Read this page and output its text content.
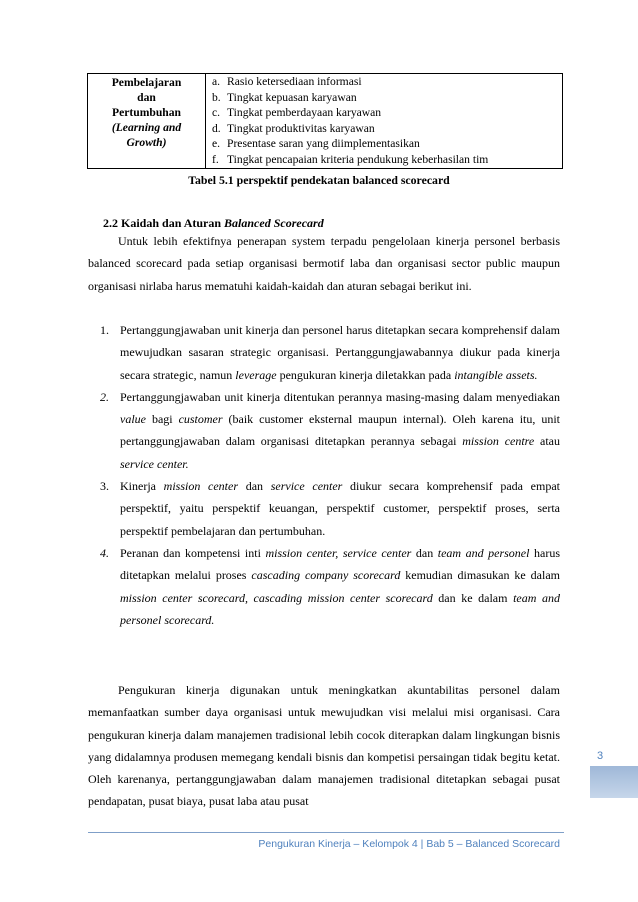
Pembelajaran
dan
Pertumbuhan
(Learning and
Growth)

a. Rasio ketersediaan informasi
b. Tingkat kepuasan karyawan
c. Tingkat pemberdayaan karyawan
d. Tingkat produktivitas karyawan
e. Presentase saran yang diimplementasikan
f. Tingkat pencapaian kriteria pendukung keberhasilan tim
Tabel 5.1 perspektif pendekatan balanced scorecard
2.2 Kaidah dan Aturan Balanced Scorecard

Untuk lebih efektifnya penerapan system terpadu pengelolaan kinerja personel berbasis balanced scorecard pada setiap organisasi bermotif laba dan organisasi sector public maupun organisasi nirlaba harus mematuhi kaidah-kaidah dan aturan sebagai berikut ini.

1. Pertanggungjawaban unit kinerja dan personel harus ditetapkan secara komprehensif dalam mewujudkan sasaran strategic organisasi. Pertanggungjawabannya diukur pada kinerja secara strategic, namun leverage pengukuran kinerja diletakkan pada intangible assets.
2. Pertanggungjawaban unit kinerja ditentukan perannya masing-masing dalam menyediakan value bagi customer (baik customer eksternal maupun internal). Oleh karena itu, unit pertanggungjawaban dalam organisasi ditetapkan perannya sebagai mission centre atau service center.
3. Kinerja mission center dan service center diukur secara komprehensif pada empat perspektif, yaitu perspektif keuangan, perspektif customer, perspektif proses, serta perspektif pembelajaran dan pertumbuhan.
4. Peranan dan kompetensi inti mission center, service center dan team and personel harus ditetapkan melalui proses cascading company scorecard kemudian dimasukan ke dalam mission center scorecard, cascading mission center scorecard dan ke dalam team and personel scorecard.

Pengukuran kinerja digunakan untuk meningkatkan akuntabilitas personel dalam memanfaatkan sumber daya organisasi untuk mewujudkan visi melalui misi organisasi. Cara pengukuran kinerja dalam manajemen tradisional lebih cocok diterapkan dalam lingkungan bisnis yang didalamnya produsen memegang kendali bisnis dan kompetisi persaingan tidak begitu ketat. Oleh karenanya, pertanggungjawaban dalam manajemen tradisional ditetapkan sebagai pusat pendapatan, pusat biaya, pusat laba atau pusat

3
Pengukuran Kinerja – Kelompok 4 | Bab 5 – Balanced Scorecard
